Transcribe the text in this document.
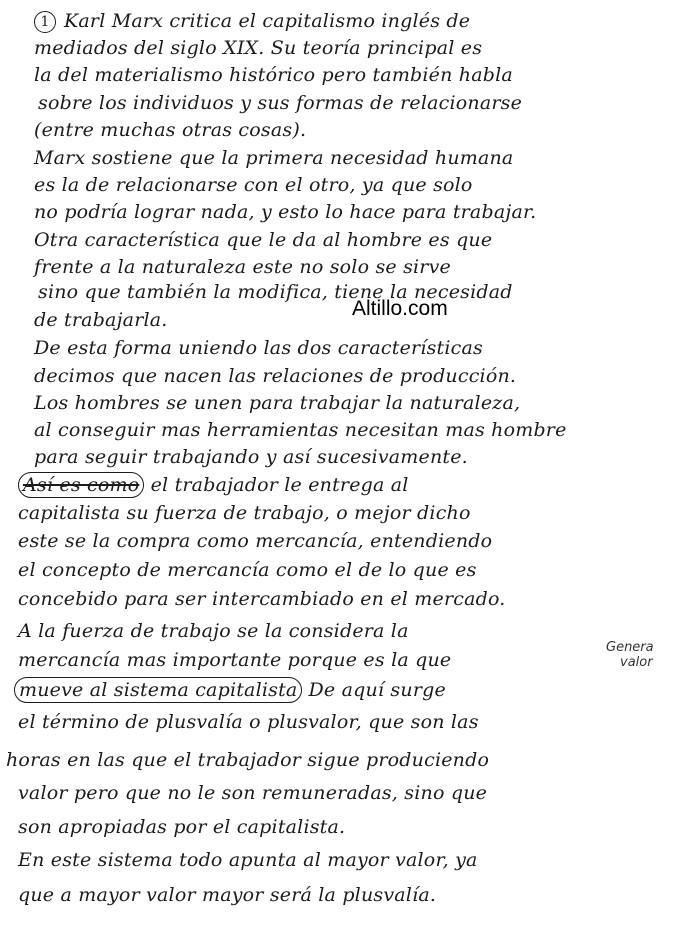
1 Karl Marx critica el capitalismo inglés de
mediados del siglo XIX. Su teoría principal es
la del materialismo histórico pero también habla
sobre los individuos y sus formas de relacionarse
(entre muchas otras cosas).
Marx sostiene que la primera necesidad humana
es la de relacionarse con el otro, ya que solo
no podría lograr nada, y esto lo hace para trabajar.
Otra característica que le da al hombre es que
frente a la naturaleza este no solo se sirve
sino que también la modifica, tiene la necesidad
de trabajarla.	Altillo.com
De esta forma uniendo las dos características
decimos que nacen las relaciones de producción.
Los hombres se unen para trabajar la naturaleza,
al conseguir mas herramientas necesitan mas hombre
para seguir trabajando y así sucesivamente.
Así es como el trabajador le entrega al
capitalista su fuerza de trabajo, o mejor dicho
este se la compra como mercancía, entendiendo
el concepto de mercancía como el de lo que es
concebido para ser intercambiado en el mercado.
A la fuerza de trabajo se la considera la
mercancía mas importante porque es la que
Genera
valor
mueve al sistema capitalista De aquí surge
el término de plusvalía o plusvalor, que son las
horas en las que el trabajador sigue produciendo
valor pero que no le son remuneradas, sino que
son apropiadas por el capitalista.
En este sistema todo apunta al mayor valor, ya
que a mayor valor mayor será la plusvalía.
